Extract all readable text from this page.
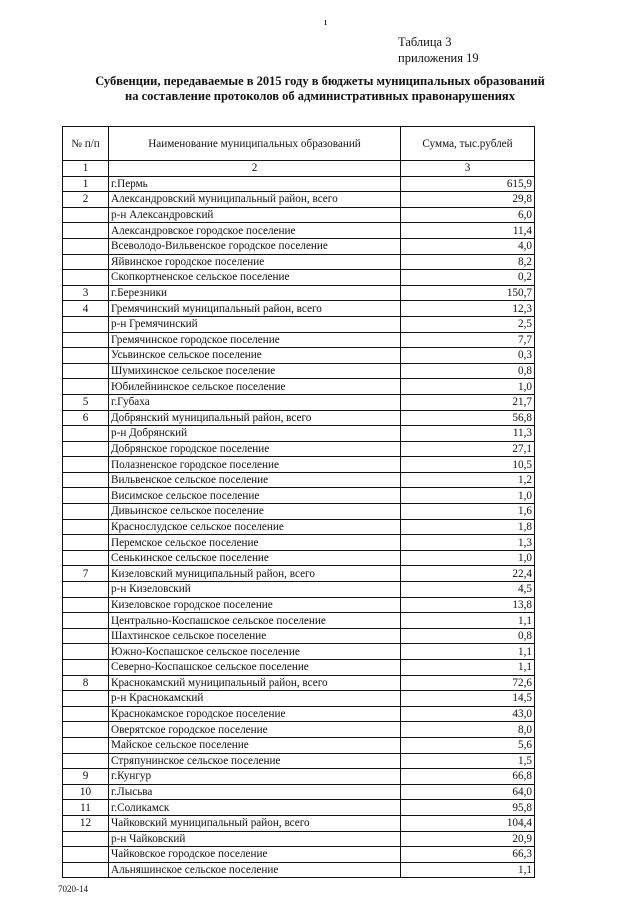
ı
Таблица 3
приложения 19
Субвенции, передаваемые в 2015 году в бюджеты муниципальных образований
на составление протоколов об административных правонарушениях
№ п/п	Наименование муниципальных образований	Сумма, тыс.рублей
1	2	3
1	г.Пермь	615,9
2	Александровский муниципальный район, всего	29,8
	р-н Александровский	6,0
	Александровское городское поселение	11,4
	Всеволодо-Вильвенское городское поселение	4,0
	Яйвинское городское поселение	8,2
	Скопкортненское сельское поселение	0,2
3	г.Березники	150,7
4	Гремячинский муниципальный район, всего	12,3
	р-н Гремячинский	2,5
	Гремячинское городское поселение	7,7
	Усьвинское сельское поселение	0,3
	Шумихинское сельское поселение	0,8
	Юбилейнинское сельское поселение	1,0
5	г.Губаха	21,7
6	Добрянский муниципальный район, всего	56,8
	р-н Добрянский	11,3
	Добрянское городское поселение	27,1
	Полазненское городское поселение	10,5
	Вильвенское сельское поселение	1,2
	Висимское сельское поселение	1,0
	Дивьинское сельское поселение	1,6
	Краснослудское сельское поселение	1,8
	Перемское сельское поселение	1,3
	Сенькинское сельское поселение	1,0
7	Кизеловский муниципальный район, всего	22,4
	р-н Кизеловский	4,5
	Кизеловское городское поселение	13,8
	Центрально-Коспашское сельское поселение	1,1
	Шахтинское сельское поселение	0,8
	Южно-Коспашское сельское поселение	1,1
	Северно-Коспашское сельское поселение	1,1
8	Краснокамский муниципальный район, всего	72,6
	р-н Краснокамский	14,5
	Краснокамское городское поселение	43,0
	Оверятское городское поселение	8,0
	Майское сельское поселение	5,6
	Стряпунинское сельское поселение	1,5
9	г.Кунгур	66,8
10	г.Лысьва	64,0
11	г.Соликамск	95,8
12	Чайковский муниципальный район, всего	104,4
	р-н Чайковский	20,9
	Чайковское городское поселение	66,3
	Альняшинское сельское поселение	1,1
7020-14
